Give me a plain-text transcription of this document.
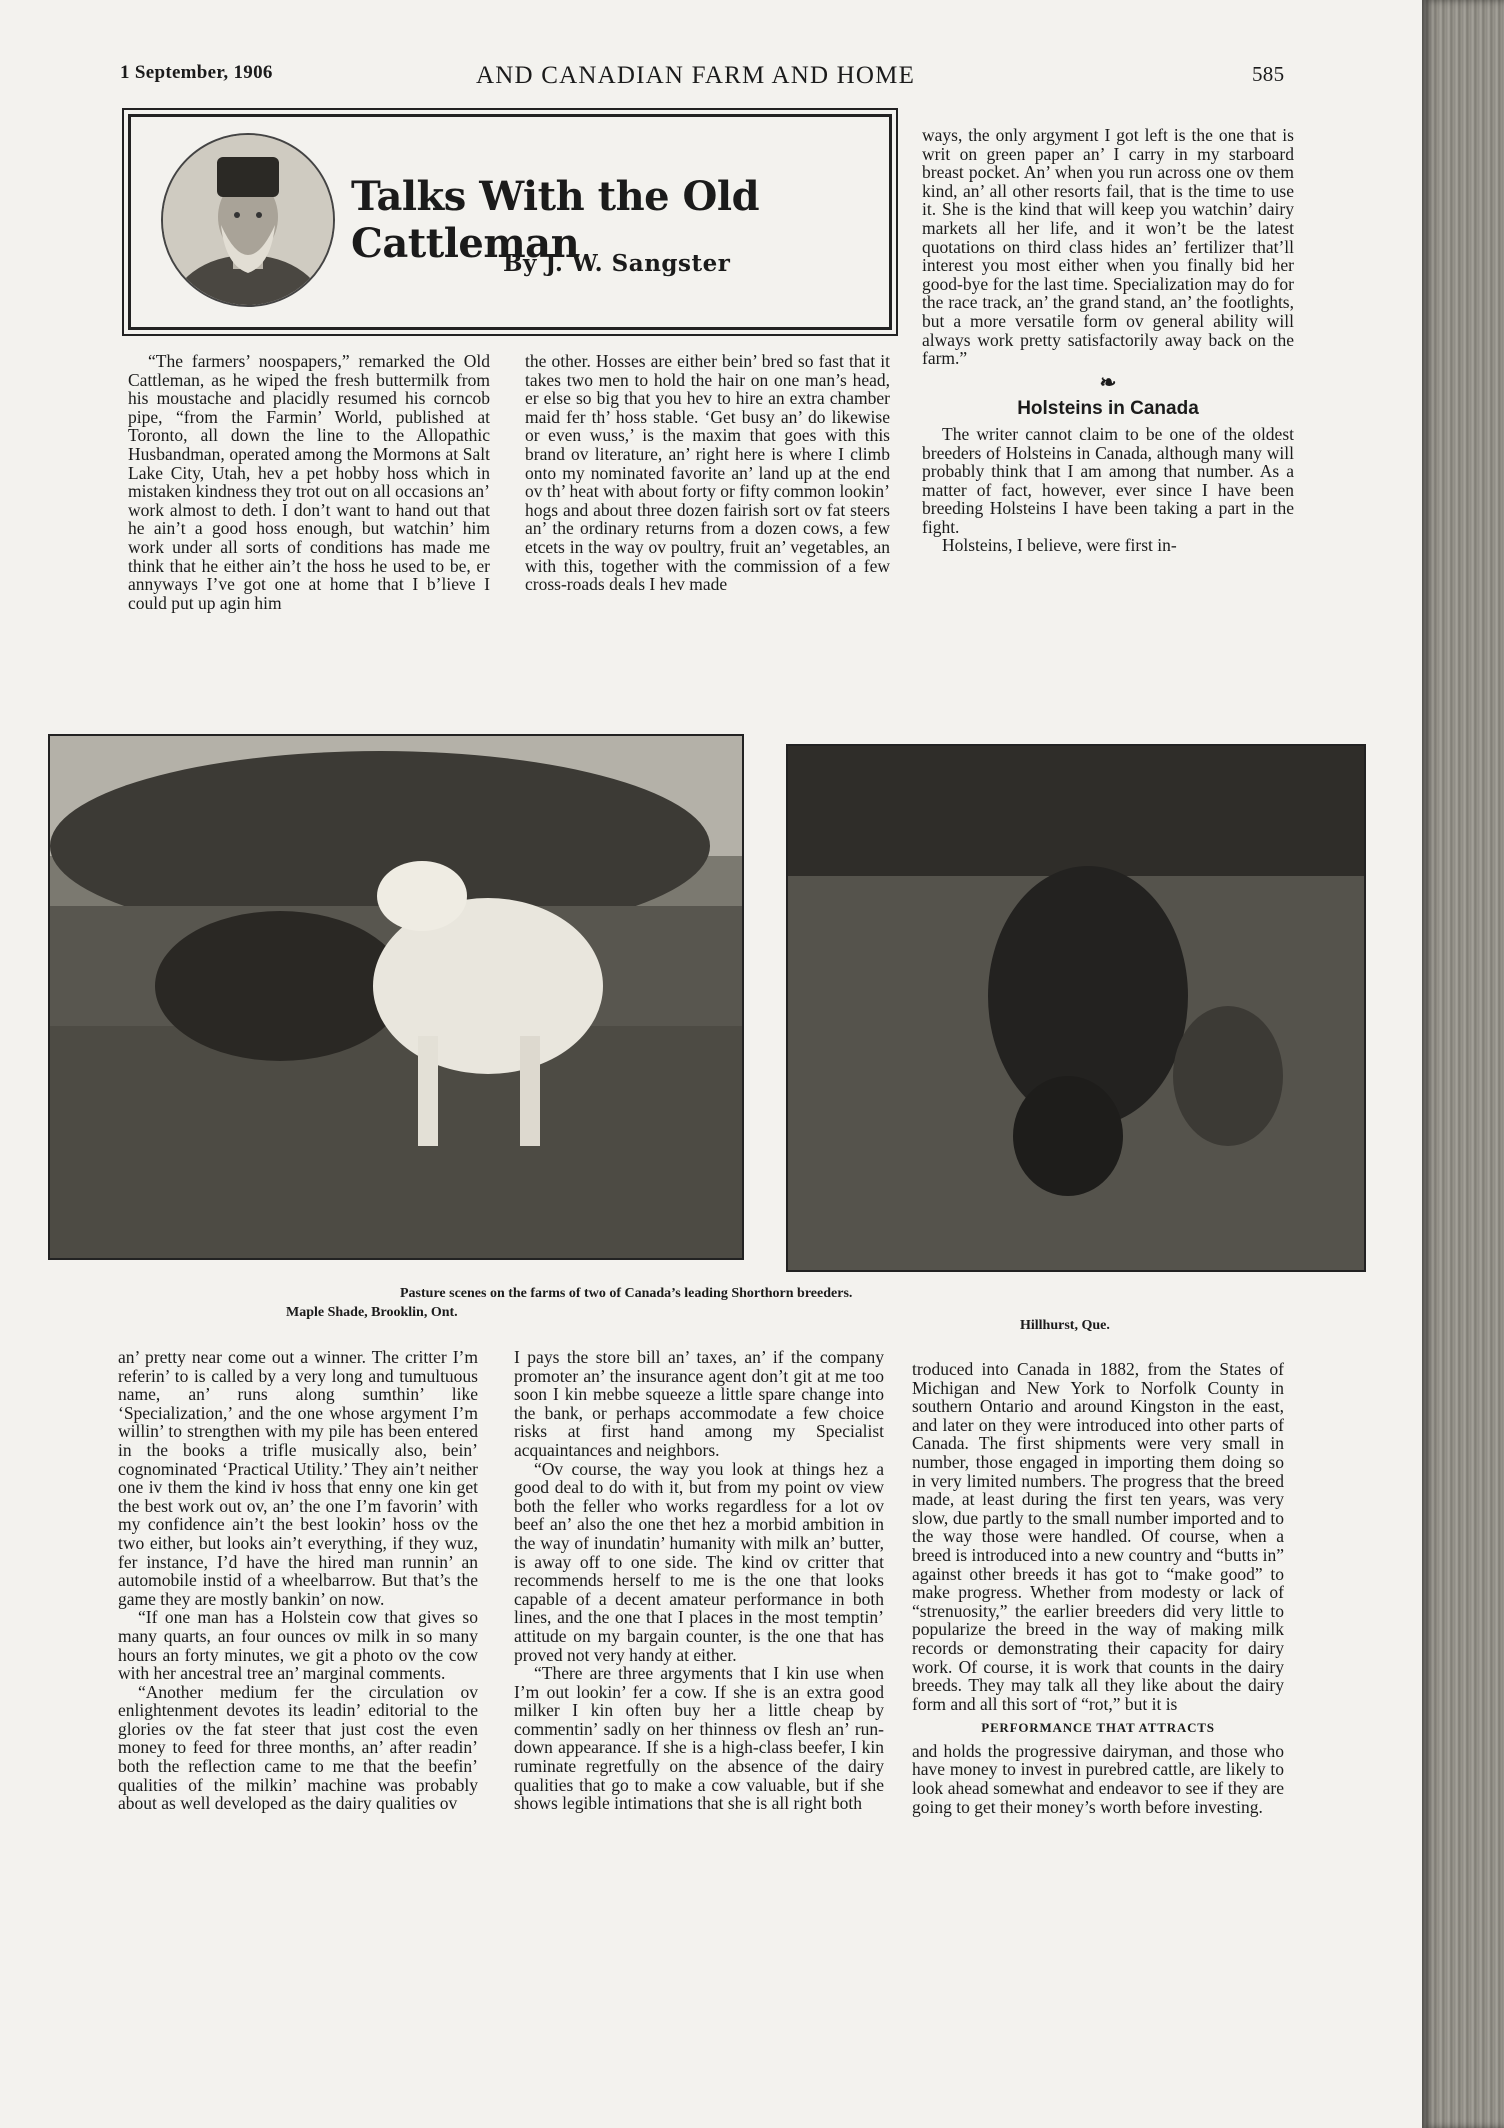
1 September, 1906	AND CANADIAN FARM AND HOME	585
Talks With the Old Cattleman
By J. W. Sangster

“The farmers’ noospapers,” remarked the Old Cattleman, as he wiped the fresh buttermilk from his moustache and placidly resumed his corncob pipe, “from the Farmin’ World, published at Toronto, all down the line to the Allopathic Husbandman, operated among the Mormons at Salt Lake City, Utah, hev a pet hobby hoss which in mistaken kindness they trot out on all occasions an’ work almost to deth. I don’t want to hand out that he ain’t a good hoss enough, but watchin’ him work under all sorts of conditions has made me think that he either ain’t the hoss he used to be, er annyways I’ve got one at home that I b’lieve I could put up agin him

the other. Hosses are either bein’ bred so fast that it takes two men to hold the hair on one man’s head, er else so big that you hev to hire an extra chamber maid fer th’ hoss stable. ‘Get busy an’ do likewise or even wuss,’ is the maxim that goes with this brand ov literature, an’ right here is where I climb onto my nominated favorite an’ land up at the end ov th’ heat with about forty or fifty common lookin’ hogs and about three dozen fairish sort ov fat steers an’ the ordinary returns from a dozen cows, a few etcets in the way ov poultry, fruit an’ vegetables, an with this, together with the commission of a few cross-roads deals I hev made

ways, the only argyment I got left is the one that is writ on green paper an’ I carry in my starboard breast pocket. An’ when you run across one ov them kind, an’ all other resorts fail, that is the time to use it. She is the kind that will keep you watchin’ dairy markets all her life, and it won’t be the latest quotations on third class hides an’ fertilizer that’ll interest you most either when you finally bid her good-bye for the last time. Specialization may do for the race track, an’ the grand stand, an’ the footlights, but a more versatile form ov general ability will always work pretty satisfactorily away back on the farm.”

❧
Holsteins in Canada

The writer cannot claim to be one of the oldest breeders of Holsteins in Canada, although many will probably think that I am among that number. As a matter of fact, however, ever since I have been breeding Holsteins I have been taking a part in the fight.

Holsteins, I believe, were first in-

Pasture scenes on the farms of two of Canada’s leading Shorthorn breeders.
Maple Shade, Brooklin, Ont.
Hillhurst, Que.

an’ pretty near come out a winner. The critter I’m referin’ to is called by a very long and tumultuous name, an’ runs along sumthin’ like ‘Specialization,’ and the one whose argyment I’m willin’ to strengthen with my pile has been entered in the books a trifle musically also, bein’ cognominated ‘Practical Utility.’ They ain’t neither one iv them the kind iv hoss that enny one kin get the best work out ov, an’ the one I’m favorin’ with my confidence ain’t the best lookin’ hoss ov the two either, but looks ain’t everything, if they wuz, fer instance, I’d have the hired man runnin’ an automobile instid of a wheelbarrow. But that’s the game they are mostly bankin’ on now.

“If one man has a Holstein cow that gives so many quarts, an four ounces ov milk in so many hours an forty minutes, we git a photo ov the cow with her ancestral tree an’ marginal comments.

“Another medium fer the circulation ov enlightenment devotes its leadin’ editorial to the glories ov the fat steer that just cost the even money to feed for three months, an’ after readin’ both the reflection came to me that the beefin’ qualities of the milkin’ machine was probably about as well developed as the dairy qualities ov

I pays the store bill an’ taxes, an’ if the company promoter an’ the insurance agent don’t git at me too soon I kin mebbe squeeze a little spare change into the bank, or perhaps accommodate a few choice risks at first hand among my Specialist acquaintances and neighbors.

“Ov course, the way you look at things hez a good deal to do with it, but from my point ov view both the feller who works regardless for a lot ov beef an’ also the one thet hez a morbid ambition in the way of inundatin’ humanity with milk an’ butter, is away off to one side. The kind ov critter that recommends herself to me is the one that looks capable of a decent amateur performance in both lines, and the one that I places in the most temptin’ attitude on my bargain counter, is the one that has proved not very handy at either.

“There are three argyments that I kin use when I’m out lookin’ fer a cow. If she is an extra good milker I kin often buy her a little cheap by commentin’ sadly on her thinness ov flesh an’ run-down appearance. If she is a high-class beefer, I kin ruminate regretfully on the absence of the dairy qualities that go to make a cow valuable, but if she shows legible intimations that she is all right both

troduced into Canada in 1882, from the States of Michigan and New York to Norfolk County in southern Ontario and around Kingston in the east, and later on they were introduced into other parts of Canada. The first shipments were very small in number, those engaged in importing them doing so in very limited numbers. The progress that the breed made, at least during the first ten years, was very slow, due partly to the small number imported and to the way those were handled. Of course, when a breed is introduced into a new country and “butts in” against other breeds it has got to “make good” to make progress. Whether from modesty or lack of “strenuosity,” the earlier breeders did very little to popularize the breed in the way of making milk records or demonstrating their capacity for dairy work. Of course, it is work that counts in the dairy breeds. They may talk all they like about the dairy form and all this sort of “rot,” but it is

PERFORMANCE THAT ATTRACTS

and holds the progressive dairyman, and those who have money to invest in purebred cattle, are likely to look ahead somewhat and endeavor to see if they are going to get their money’s worth before investing.
